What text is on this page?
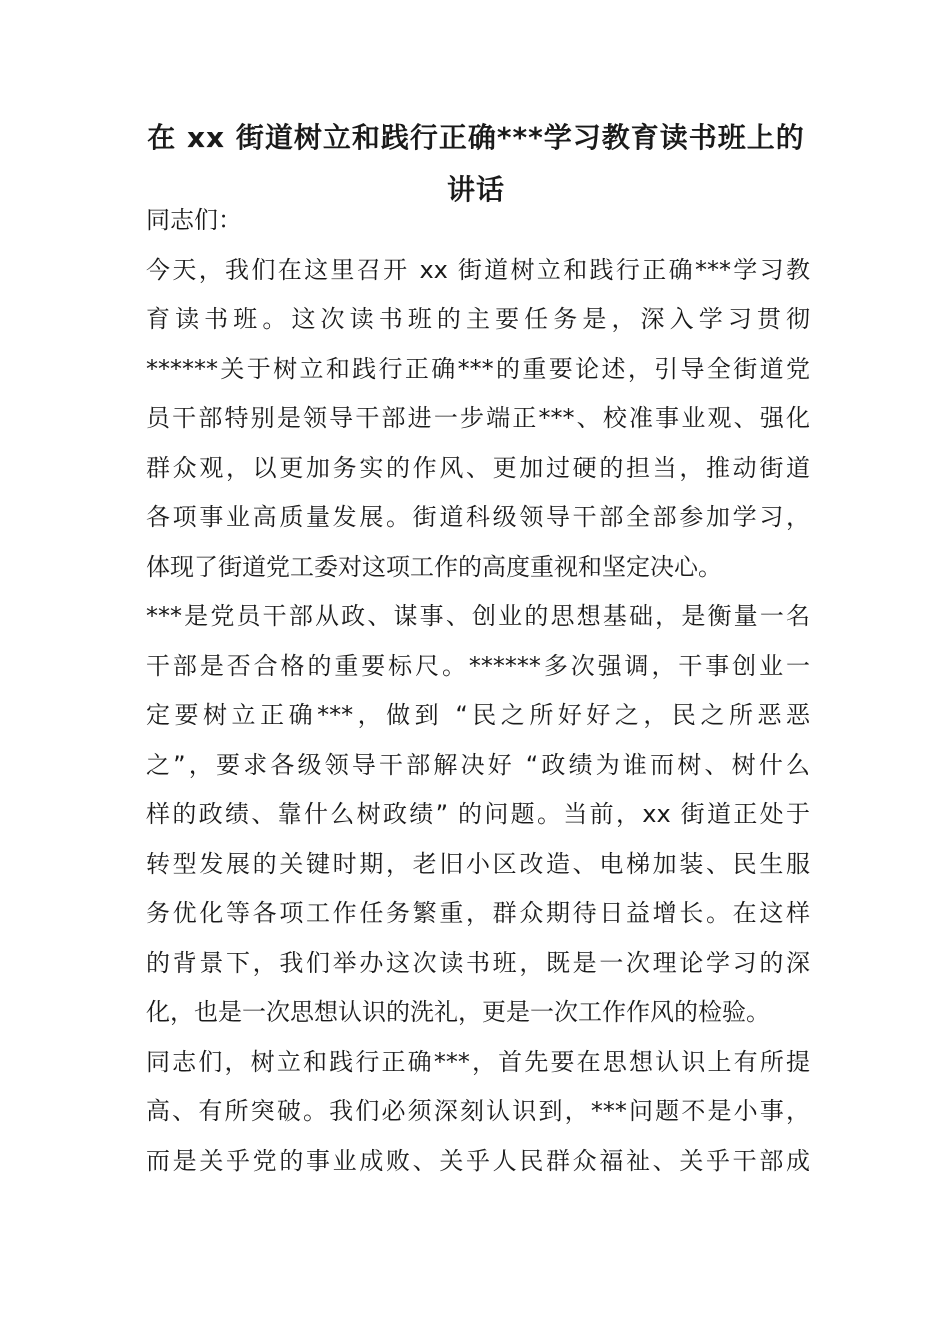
在 xx 街道树立和践行正确***学习教育读书班上的
讲话
同志们：
今天，我们在这里召开 xx 街道树立和践行正确***学习教
育读书班。这次读书班的主要任务是，深入学习贯彻
******关于树立和践行正确***的重要论述，引导全街道党
员干部特别是领导干部进一步端正***、校准事业观、强化
群众观，以更加务实的作风、更加过硬的担当，推动街道
各项事业高质量发展。街道科级领导干部全部参加学习，
体现了街道党工委对这项工作的高度重视和坚定决心。
***是党员干部从政、谋事、创业的思想基础，是衡量一名
干部是否合格的重要标尺。******多次强调，干事创业一
定要树立正确***，做到 “民之所好好之，民之所恶恶
之”，要求各级领导干部解决好 “政绩为谁而树、树什么
样的政绩、靠什么树政绩” 的问题。当前，xx 街道正处于
转型发展的关键时期，老旧小区改造、电梯加装、民生服
务优化等各项工作任务繁重，群众期待日益增长。在这样
的背景下，我们举办这次读书班，既是一次理论学习的深
化，也是一次思想认识的洗礼，更是一次工作作风的检验。
同志们，树立和践行正确***，首先要在思想认识上有所提
高、有所突破。我们必须深刻认识到，***问题不是小事，
而是关乎党的事业成败、关乎人民群众福祉、关乎干部成
